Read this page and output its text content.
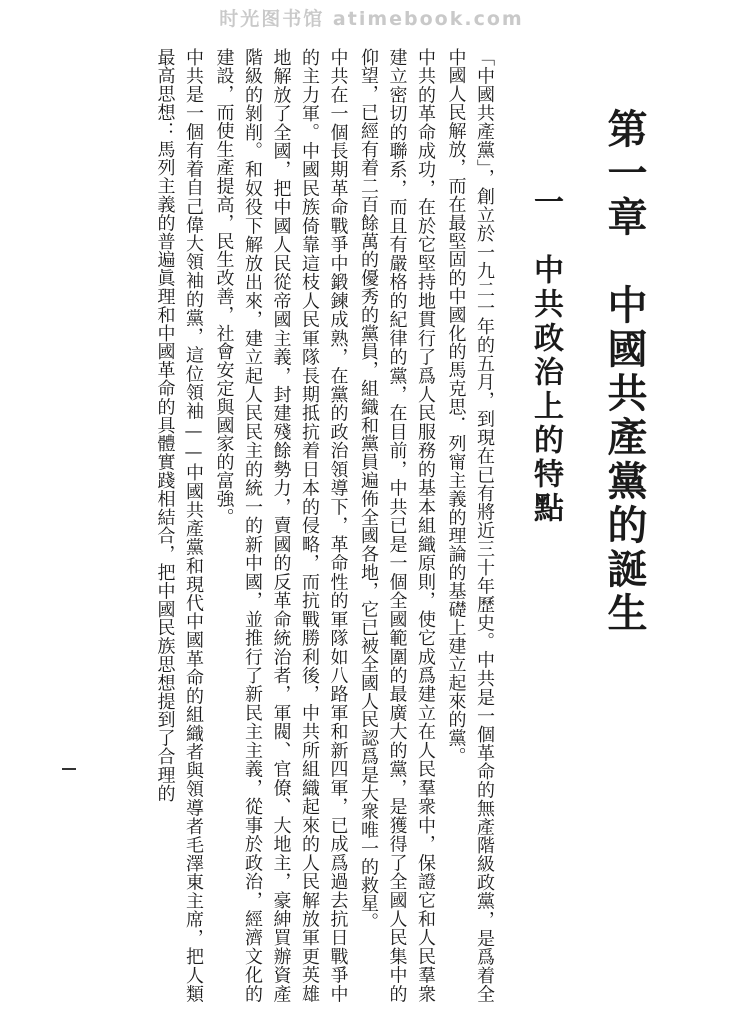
时光图书馆 atimebook.com
第一章　中國共產黨的誕生
一　中共政治上的特點

「中國共產黨」，創立於一九二一年的五月，到現在已有將近三十年歷史。中共是一個革命的無產階級政黨，是爲着全中國人民解放，而在最堅固的中國化的馬克思．列甯主義的理論的基礎上建立起來的黨。

中共的革命成功，在於它堅持地貫行了爲人民服務的基本組織原則，使它成爲建立在人民羣衆中，保證它和人民羣衆建立密切的聯系，而且有嚴格的紀律的黨，在目前，中共已是一個全國範圍的最廣大的黨，是獲得了全國人民集中的仰望，已經有着二百餘萬的優秀的黨員，組織和黨員遍佈全國各地，它已被全國人民認爲是大衆唯一的救星。

中共在一個長期革命戰爭中鍛鍊成熟，在黨的政治領導下，革命性的軍隊如八路軍和新四軍，已成爲過去抗日戰爭中的主力軍。中國民族倚靠這枝人民軍隊長期抵抗着日本的侵略，而抗戰勝利後，中共所組織起來的人民解放軍更英雄地解放了全國，把中國人民從帝國主義，封建殘餘勢力，賣國的反革命統治者，軍閥、官僚、大地主，豪紳買辦資產階級的剝削。和奴役下解放出來，建立起人民民主的統一的新中國，並推行了新民主主義，從事於政治，經濟文化的建設，而使生產提高，民生改善，社會安定與國家的富強。

中共是一個有着自己偉大領袖的黨，這位領袖——中國共產黨和現代中國革命的組織者與領導者毛澤東主席，把人類最高思想：馬列主義的普遍眞理和中國革命的具體實踐相結合，把中國民族思想提到了合理的
